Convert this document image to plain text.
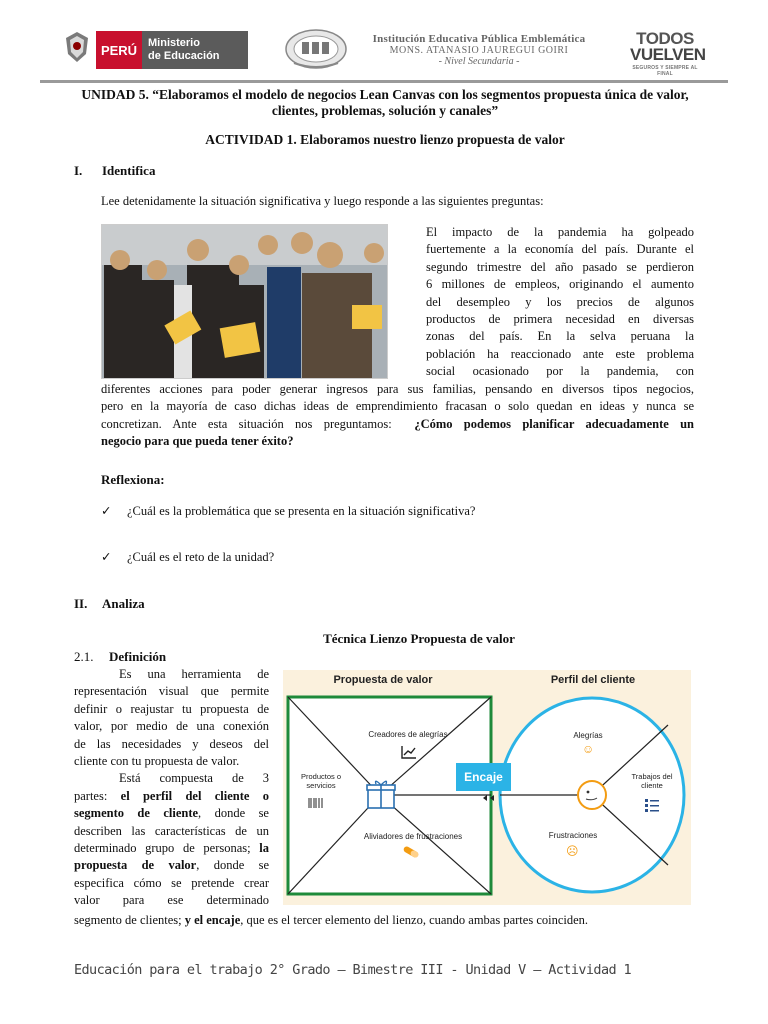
PERÚ Ministerio
de Educación
Institución Educativa Pública Emblemática
MONS. ATANASIO JAUREGUI GOIRI
- Nivel Secundaria -
TODOS
VUELVEN
SEGUROS Y SIEMPRE AL FINAL
UNIDAD 5. “Elaboramos el modelo de negocios Lean Canvas con los segmentos propuesta única de valor, clientes, problemas, solución y canales”
ACTIVIDAD 1. Elaboramos nuestro lienzo propuesta de valor
I. Identifica
Lee detenidamente la situación significativa y luego responde a las siguientes preguntas:
El impacto de la pandemia ha golpeado
fuertemente a la economía del país. Durante el
segundo trimestre del año pasado se perdieron
6 millones de empleos, originando el aumento
del desempleo y los precios de algunos
productos de primera necesidad en diversas
zonas del país. En la selva peruana la
población ha reaccionado ante este problema
social ocasionado por la pandemia, con
diferentes acciones para poder generar ingresos para sus familias, pensando en diversos tipos negocios,
pero en la mayoría de caso dichas ideas de emprendimiento fracasan o solo quedan en ideas y nunca se
concretizan. Ante esta situación nos preguntamos: ¿Cómo podemos planificar adecuadamente un
negocio para que pueda tener éxito?
Reflexiona:
✓ ¿Cuál es la problemática que se presenta en la situación significativa?
✓ ¿Cuál es el reto de la unidad?
II. Analiza
Técnica Lienzo Propuesta de valor
2.1. Definición
Es una herramienta de
representación visual que permite
definir o reajustar tu propuesta de
valor, por medio de una conexión
de las necesidades y deseos del
cliente con tu propuesta de valor.
Está compuesta de 3
partes: el perfil del cliente o
segmento de cliente, donde se
describen las características de un
determinado grupo de personas; la
propuesta de valor, donde se
especifica cómo se pretende crear
valor para ese determinado
segmento de clientes; y el encaje, que es el tercer elemento del lienzo, cuando ambas partes coinciden.
Propuesta de valor	Perfil del cliente
Creadores de alegrías
Productos o
servicios
Aliviadores de frustraciones
Encaje
Alegrías
☺
Trabajos del
cliente
Frustraciones
☹
Educación para el trabajo 2° Grado – Bimestre III - Unidad V – Actividad 1
